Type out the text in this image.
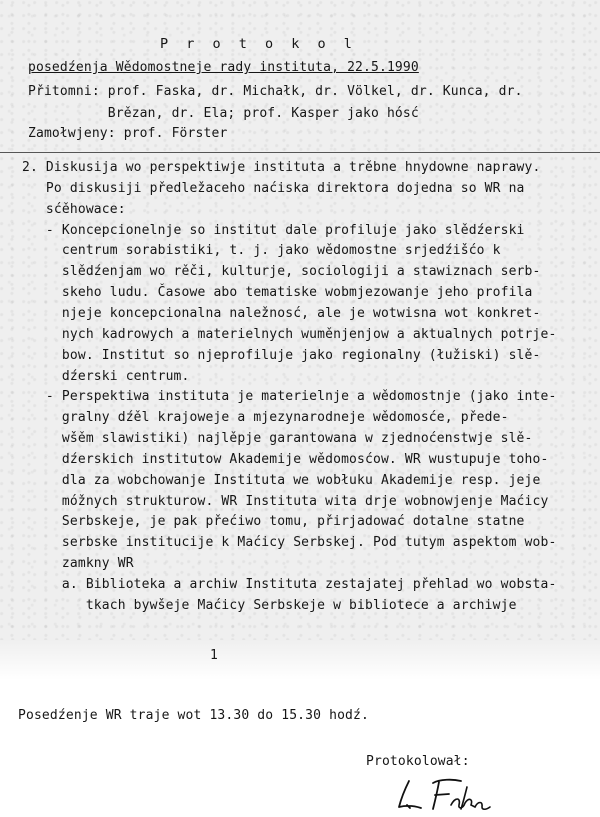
P r o t o k o l
posedźenja Wědomostneje rady instituta, 22.5.1990
Přitomni: prof. Faska, dr. Michałk, dr. Völkel, dr. Kunca, dr.
Brězan, dr. Ela; prof. Kasper jako hósć
Zamołwjeny: prof. Förster
2. Diskusija wo perspektiwje instituta a trěbne hnydowne naprawy.
Po diskusiji předležaceho naćiska direktora dojedna so WR na
sćěhowace:
- Koncepcionelnje so institut dale profiluje jako slědźerski
centrum sorabistiki, t. j. jako wědomostne srjedźišćo k
slědźenjam wo rěči, kulturje, sociologiji a stawiznach serb-
skeho ludu. Časowe abo tematiske wobmjezowanje jeho profila
njeje koncepcionalna naležnosć, ale je wotwisna wot konkret-
nych kadrowych a materielnych wuměnjenjow a aktualnych potrje-
bow. Institut so njeprofiluje jako regionalny (łužiski) slě-
dźerski centrum.
- Perspektiwa instituta je materielnje a wědomostnje (jako inte-
gralny dźěl krajoweje a mjezynarodneje wědomosće, přede-
wšěm slawistiki) najlěpje garantowana w zjednoćenstwje slě-
dźerskich institutow Akademije wědomosćow. WR wustupuje toho-
dla za wobchowanje Instituta we wobłuku Akademije resp. jeje
móžnych strukturow. WR Instituta wita drje wobnowjenje Maćicy
Serbskeje, je pak přećiwo tomu, přirjadować dotalne statne
serbske institucije k Maćicy Serbskej. Pod tutym aspektom wob-
zamknу WR
a. Biblioteka a archiw Instituta zestajatej přehlad wo wobsta-
tkach bywšeje Maćicy Serbskeje w bibliotece a archiwje
1
Posedźenje WR traje wot 13.30 do 15.30 hodź.
Protokolował:
